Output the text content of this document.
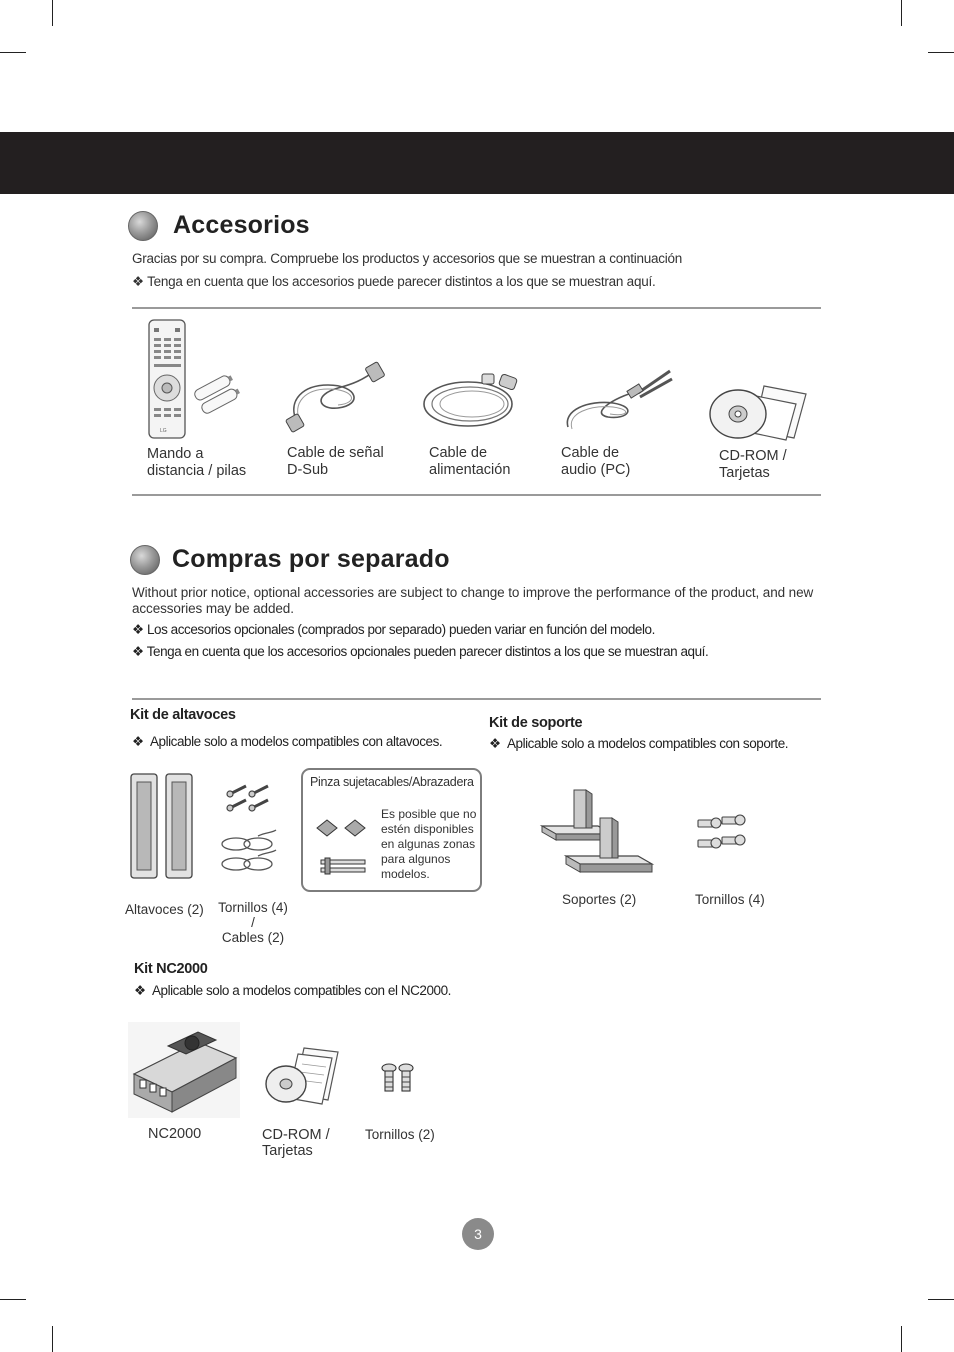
Accesorios
Gracias por su compra. Compruebe los productos y accesorios que se muestran a continuación
❖ Tenga en cuenta que los accesorios puede parecer distintos a los que se muestran aquí.
LG
Mando a
distancia / pilas
Cable de señal
D-Sub
Cable de
alimentación
Cable de
audio (PC)
CD-ROM /
Tarjetas
Compras por separado
Without prior notice, optional accessories are subject to change to improve the performance of the product, and new accessories may be added.
❖ Los accesorios opcionales (comprados por separado) pueden variar en función del modelo.
❖ Tenga en cuenta que los accesorios opcionales pueden parecer distintos a los que se muestran aquí.
Kit de altavoces
❖ Aplicable solo a modelos compatibles con altavoces.
Altavoces (2) Tornillos (4) /
Cables (2)
Pinza sujetacables/Abrazadera
Es posible que no estén disponibles en algunas zonas para algunos modelos.
Kit de soporte
❖ Aplicable solo a modelos compatibles con soporte.
Soportes (2)	Tornillos (4)
Kit NC2000
❖ Aplicable solo a modelos compatibles con el NC2000.
NC2000	CD-ROM /
Tarjetas
Tornillos (2)
3
